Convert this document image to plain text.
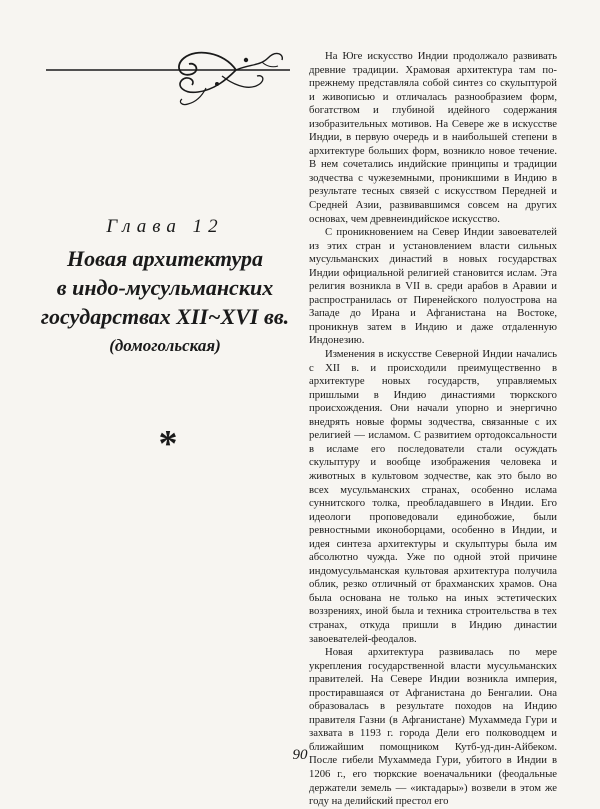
Глава 12
Новая архитектура
в индо-мусульманских
государствах XII~XVI вв.
(домогольская)
*

На Юге искусство Индии продолжало развивать древние традиции. Храмовая архитектура там по-прежнему представляла собой синтез со скульптурой и живописью и отличалась разнообразием форм, богатством и глубиной идейного содержания изобразительных мотивов. На Севере же в искусстве Индии, в первую очередь и в наибольшей степени в архитектуре больших форм, возникло новое течение. В нем сочетались индийские принципы и традиции зодчества с чужеземными, проникшими в Индию в результате тесных связей с искусством Передней и Средней Азии, развивавшимся совсем на других основах, чем древнеиндийское искусство.

С проникновением на Север Индии завоевателей из этих стран и установлением власти сильных мусульманских династий в новых государствах Индии официальной религией становится ислам. Эта религия возникла в VII в. среди арабов в Аравии и распространилась от Пиренейского полуострова на Западе до Ирана и Афганистана на Востоке, проникнув затем в Индию и даже отдаленную Индонезию.

Изменения в искусстве Северной Индии начались с XII в. и происходили преимущественно в архитектуре новых государств, управляемых пришлыми в Индию династиями тюркского происхождения. Они начали упорно и энергично внедрять новые формы зодчества, связанные с их религией — исламом. С развитием ортодоксальности в исламе его последователи стали осуждать скульптуру и вообще изображения человека и животных в культовом зодчестве, как это было во всех мусульманских странах, особенно ислама суннитского толка, преобладавшего в Индии. Его идеологи проповедовали единобожие, были ревностными иконоборцами, особенно в Индии, и идея синтеза архитектуры и скульптуры была им абсолютно чужда. Уже по одной этой причине индомусульманская культовая архитектура получила облик, резко отличный от брахманских храмов. Она была основана не только на иных эстетических воззрениях, иной была и техника строительства в тех странах, откуда пришли в Индию династии завоевателей-феодалов.

Новая архитектура развивалась по мере укрепления государственной власти мусульманских правителей. На Севере Индии возникла империя, простиравшаяся от Афганистана до Бенгалии. Она образовалась в результате походов на Индию правителя Газни (в Афганистане) Мухаммеда Гури и захвата в 1193 г. города Дели его полководцем и ближайшим помощником Кутб-уд-дин-Айбеком. После гибели Мухаммеда Гури, убитого в Индии в 1206 г., его тюркские военачальники (феодальные держатели земель — «иктадары») возвели в этом же году на делийский престол его

90
